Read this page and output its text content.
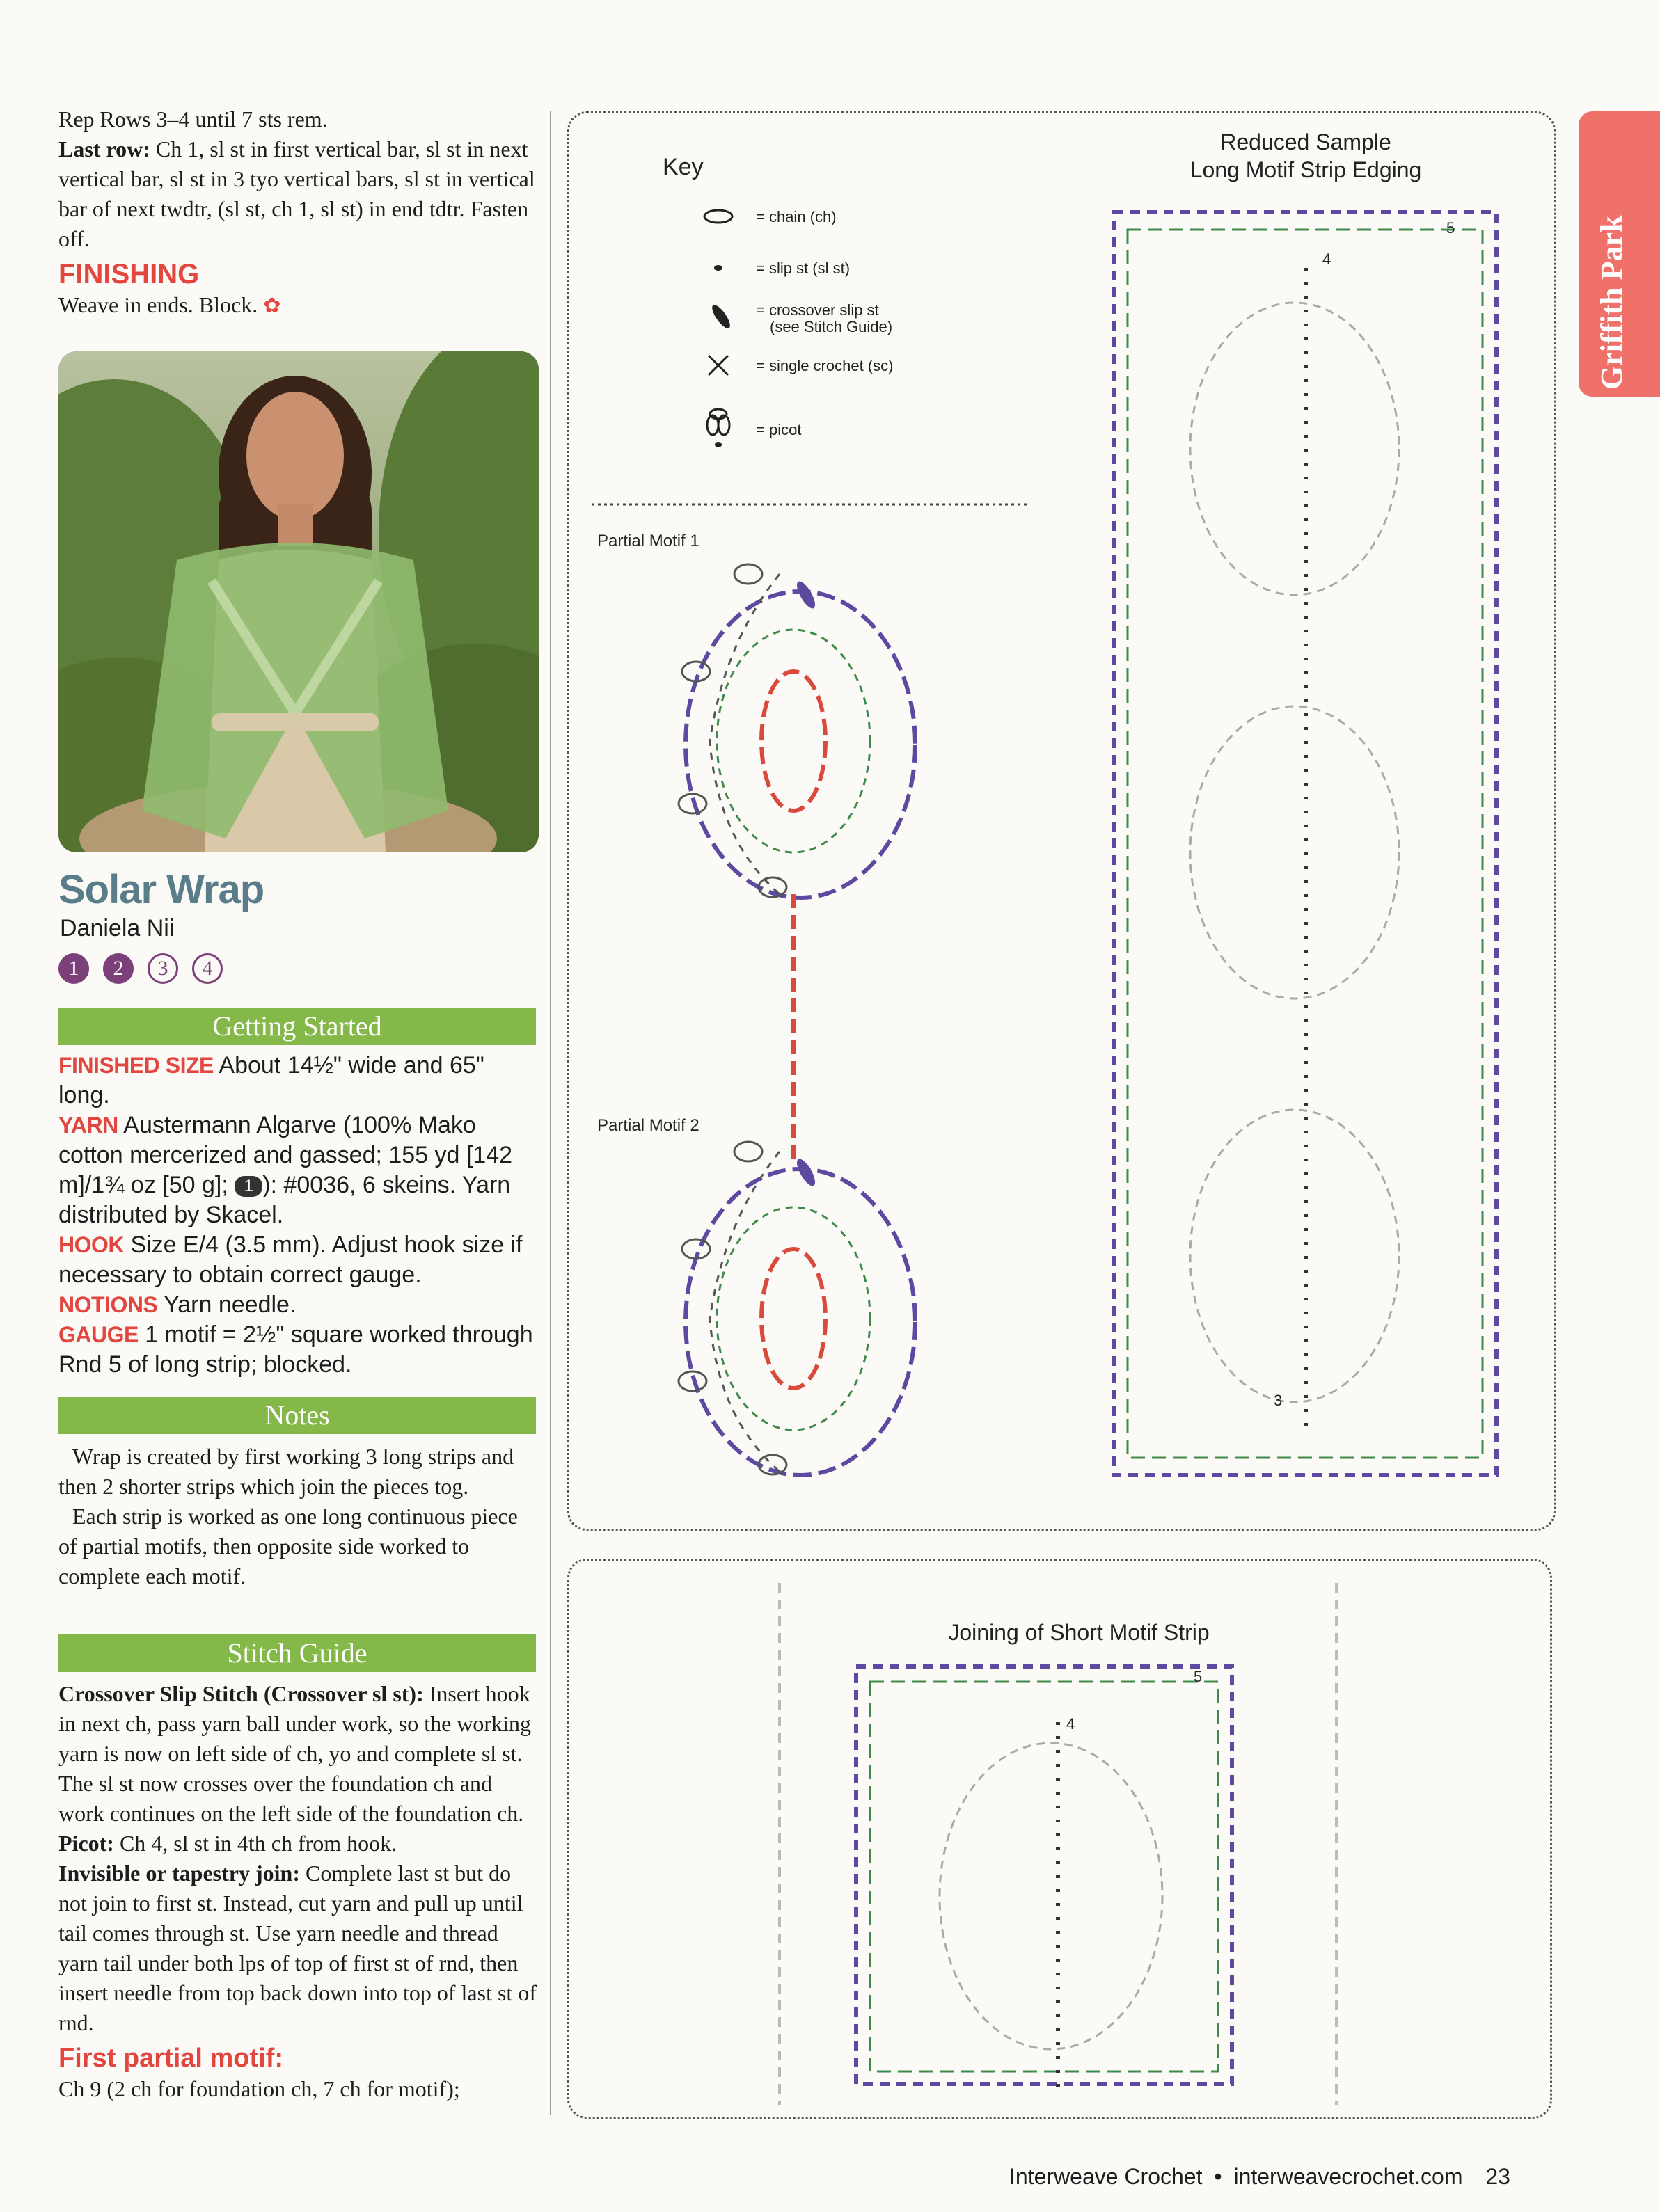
Rep Rows 3–4 until 7 sts rem.

Last row: Ch 1, sl st in first vertical bar, sl st in next vertical bar, sl st in 3 tyo vertical bars, sl st in vertical bar of next twdtr, (sl st, ch 1, sl st) in end tdtr. Fasten off.

FINISHING

Weave in ends. Block. ✿

Solar Wrap
Daniela Nii
1	2	3	4
Getting Started

FINISHED SIZE About 14½" wide and 65" long.

YARN Austermann Algarve (100% Mako cotton mercerized and gassed; 155 yd [142 m]/1¾ oz [50 g]; 1 ): #0036, 6 skeins. Yarn distributed by Skacel.

HOOK Size E/4 (3.5 mm). Adjust hook size if necessary to obtain correct gauge.

NOTIONS Yarn needle.

GAUGE 1 motif = 2½" square worked through Rnd 5 of long strip; blocked.

Notes

Wrap is created by first working 3 long strips and then 2 shorter strips which join the pieces tog.

Each strip is worked as one long continuous piece of partial motifs, then opposite side worked to complete each motif.

Stitch Guide

Crossover Slip Stitch (Crossover sl st): Insert hook in next ch, pass yarn ball under work, so the working yarn is now on left side of ch, yo and complete sl st. The sl st now crosses over the foundation ch and work continues on the left side of the foundation ch.

Picot: Ch 4, sl st in 4th ch from hook.

Invisible or tapestry join: Complete last st but do not join to first st. Instead, cut yarn and pull up until tail comes through st. Use yarn needle and thread yarn tail under both lps of top of first st of rnd, then insert needle from top back down into top of last st of rnd.

First partial motif:

Ch 9 (2 ch for foundation ch, 7 ch for motif);

Key
= chain (ch)
= slip st (sl st)
= crossover slip st
(see Stitch Guide)
= single crochet (sc)
= picot
Partial Motif 1
Partial Motif 2
Reduced Sample
Long Motif Strip Edging
4
5
3
Joining of Short Motif Strip
4
5
Griffith Park
Interweave Crochet • interweavecrochet.com 23
